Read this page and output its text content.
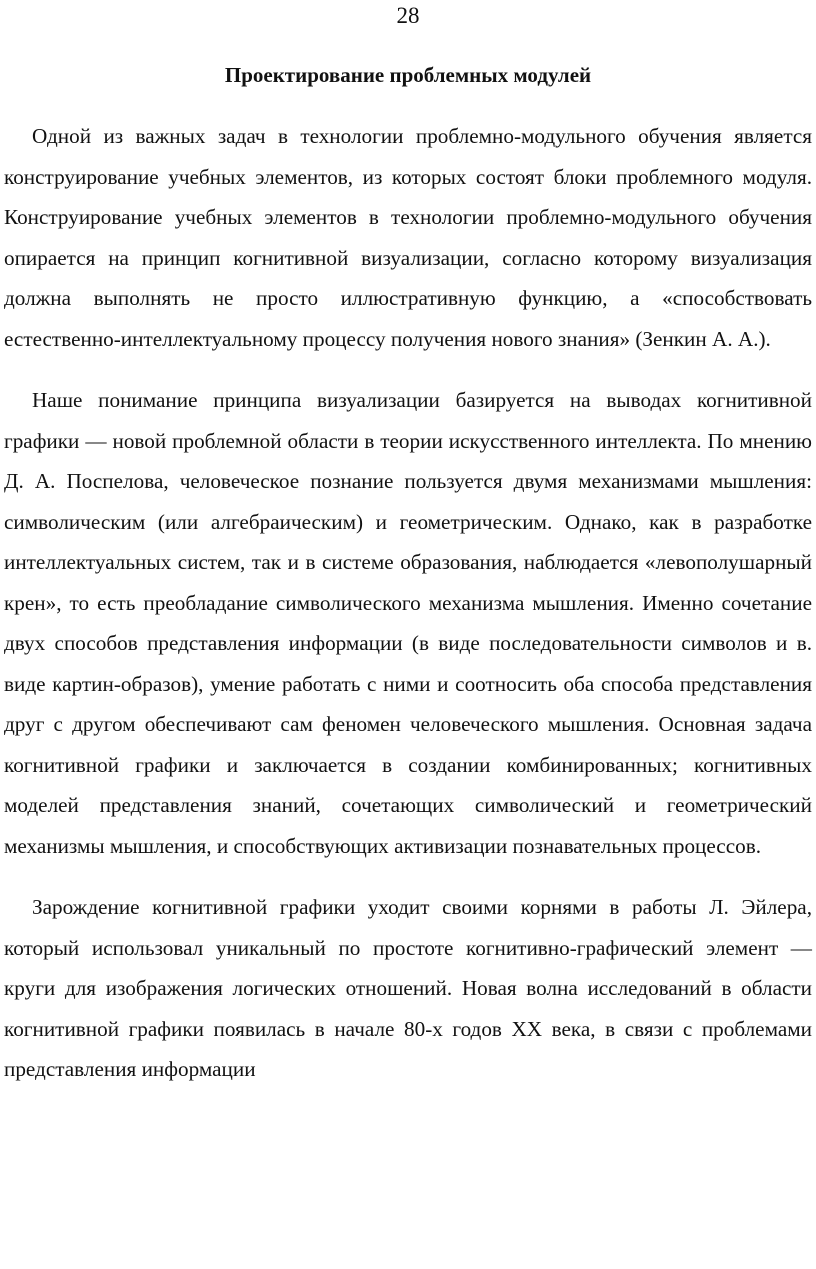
28
Проектирование проблемных модулей

Одной из важных задач в технологии проблемно-модульного обучения является конструирование учебных элементов, из которых состоят блоки проблемного модуля. Конструирование учебных элементов в технологии проблемно-модульного обучения опирается на принцип когнитивной визуализации, согласно которому визуализация должна выполнять не просто иллюстративную функцию, а «способствовать естественно-интеллектуальному процессу получения нового знания» (Зенкин А. А.).

Наше понимание принципа визуализации базируется на выводах когнитивной графики — новой проблемной области в теории искусственного интеллекта. По мнению Д. А. Поспелова, человеческое познание пользуется двумя механизмами мышления: символическим (или алгебраическим) и геометрическим. Однако, как в разработке интеллектуальных систем, так и в системе образования, наблюдается «левополушарный крен», то есть преобладание символического механизма мышления. Именно сочетание двух способов представления информации (в виде последовательности символов и в. виде картин-образов), умение работать с ними и соотносить оба способа представления друг с другом обеспечивают сам феномен человеческого мышления. Основная задача когнитивной графики и заключается в создании комбинированных; когнитивных моделей представления знаний, сочетающих символический и геометрический механизмы мышления, и способствующих активизации познавательных процессов.

Зарождение когнитивной графики уходит своими корнями в работы Л. Эйлера, который использовал уникальный по простоте когнитивно-графический элемент — круги для изображения логических отношений. Новая волна исследований в области когнитивной графики появилась в начале 80-х годов XX века, в связи с проблемами представления информации
